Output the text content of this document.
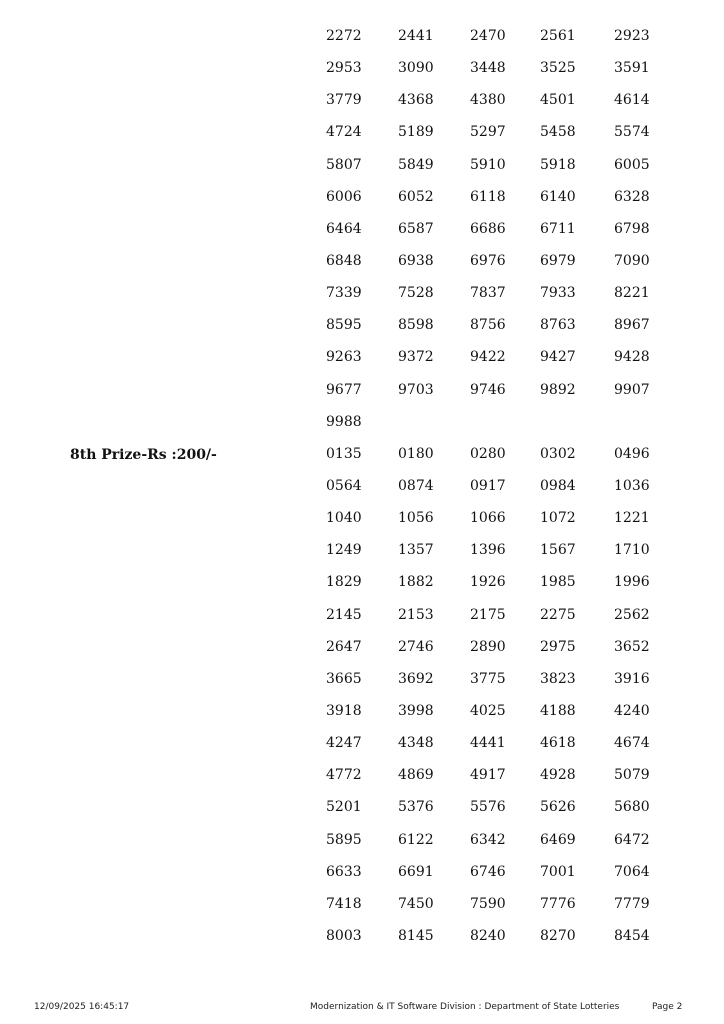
8th Prize-Rs :200/-
2272	2441	2470 2561	2923
2953	3090	3448 3525	3591
3779	4368	4380 4501	4614
4724	5189	5297 5458	5574
5807	5849	5910 5918	6005
6006	6052	6118 6140	6328
6464	6587	6686 6711	6798
6848	6938	6976 6979	7090
7339	7528	7837 7933	8221
8595	8598	8756 8763	8967
9263	9372	9422 9427	9428
9677	9703	9746 9892	9907
9988
0135	0180	0280 0302	0496
0564	0874	0917 0984	1036
1040	1056	1066 1072	1221
1249	1357	1396 1567	1710
1829	1882	1926 1985	1996
2145	2153	2175 2275	2562
2647	2746	2890 2975	3652
3665	3692	3775 3823	3916
3918	3998	4025 4188	4240
4247	4348	4441 4618	4674
4772	4869	4917 4928	5079
5201	5376	5576 5626	5680
5895	6122	6342 6469	6472
6633	6691	6746 7001	7064
7418	7450	7590 7776	7779
8003	8145	8240 8270	8454
12/09/2025 16:45:17	Modernization & IT Software Division : Department of State Lotteries	Page 2
